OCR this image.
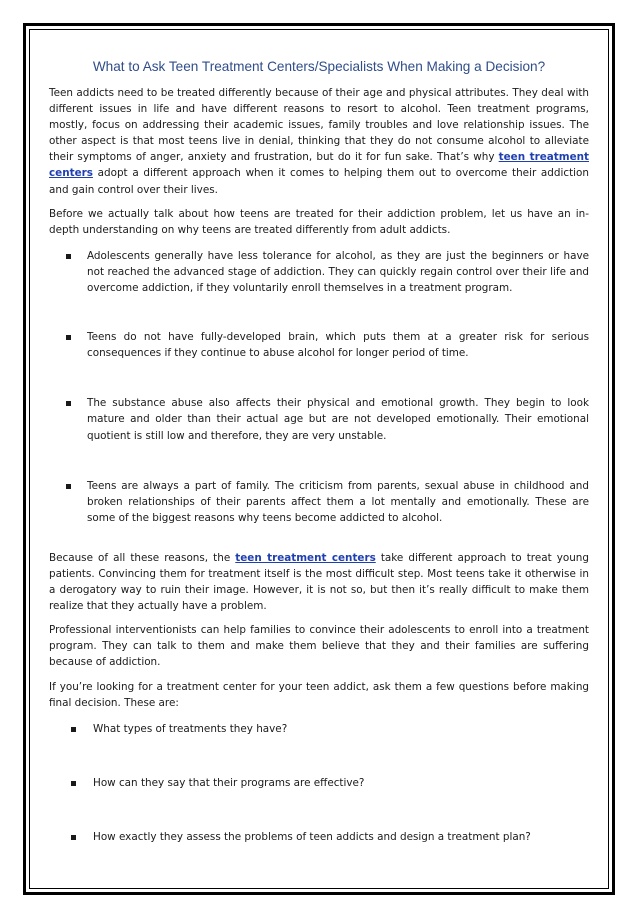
What to Ask Teen Treatment Centers/Specialists When Making a Decision?

Teen addicts need to be treated differently because of their age and physical attributes. They deal with different issues in life and have different reasons to resort to alcohol. Teen treatment programs, mostly, focus on addressing their academic issues, family troubles and love relationship issues. The other aspect is that most teens live in denial, thinking that they do not consume alcohol to alleviate their symptoms of anger, anxiety and frustration, but do it for fun sake. That’s why teen treatment centers adopt a different approach when it comes to helping them out to overcome their addiction and gain control over their lives.

Before we actually talk about how teens are treated for their addiction problem, let us have an in-depth understanding on why teens are treated differently from adult addicts.

Adolescents generally have less tolerance for alcohol, as they are just the beginners or have not reached the advanced stage of addiction. They can quickly regain control over their life and overcome addiction, if they voluntarily enroll themselves in a treatment program.
Teens do not have fully-developed brain, which puts them at a greater risk for serious consequences if they continue to abuse alcohol for longer period of time.
The substance abuse also affects their physical and emotional growth. They begin to look mature and older than their actual age but are not developed emotionally. Their emotional quotient is still low and therefore, they are very unstable.
Teens are always a part of family. The criticism from parents, sexual abuse in childhood and broken relationships of their parents affect them a lot mentally and emotionally. These are some of the biggest reasons why teens become addicted to alcohol.

Because of all these reasons, the teen treatment centers take different approach to treat young patients. Convincing them for treatment itself is the most difficult step. Most teens take it otherwise in a derogatory way to ruin their image. However, it is not so, but then it’s really difficult to make them realize that they actually have a problem.

Professional interventionists can help families to convince their adolescents to enroll into a treatment program. They can talk to them and make them believe that they and their families are suffering because of addiction.

If you’re looking for a treatment center for your teen addict, ask them a few questions before making final decision. These are:

What types of treatments they have?
How can they say that their programs are effective?
How exactly they assess the problems of teen addicts and design a treatment plan?
